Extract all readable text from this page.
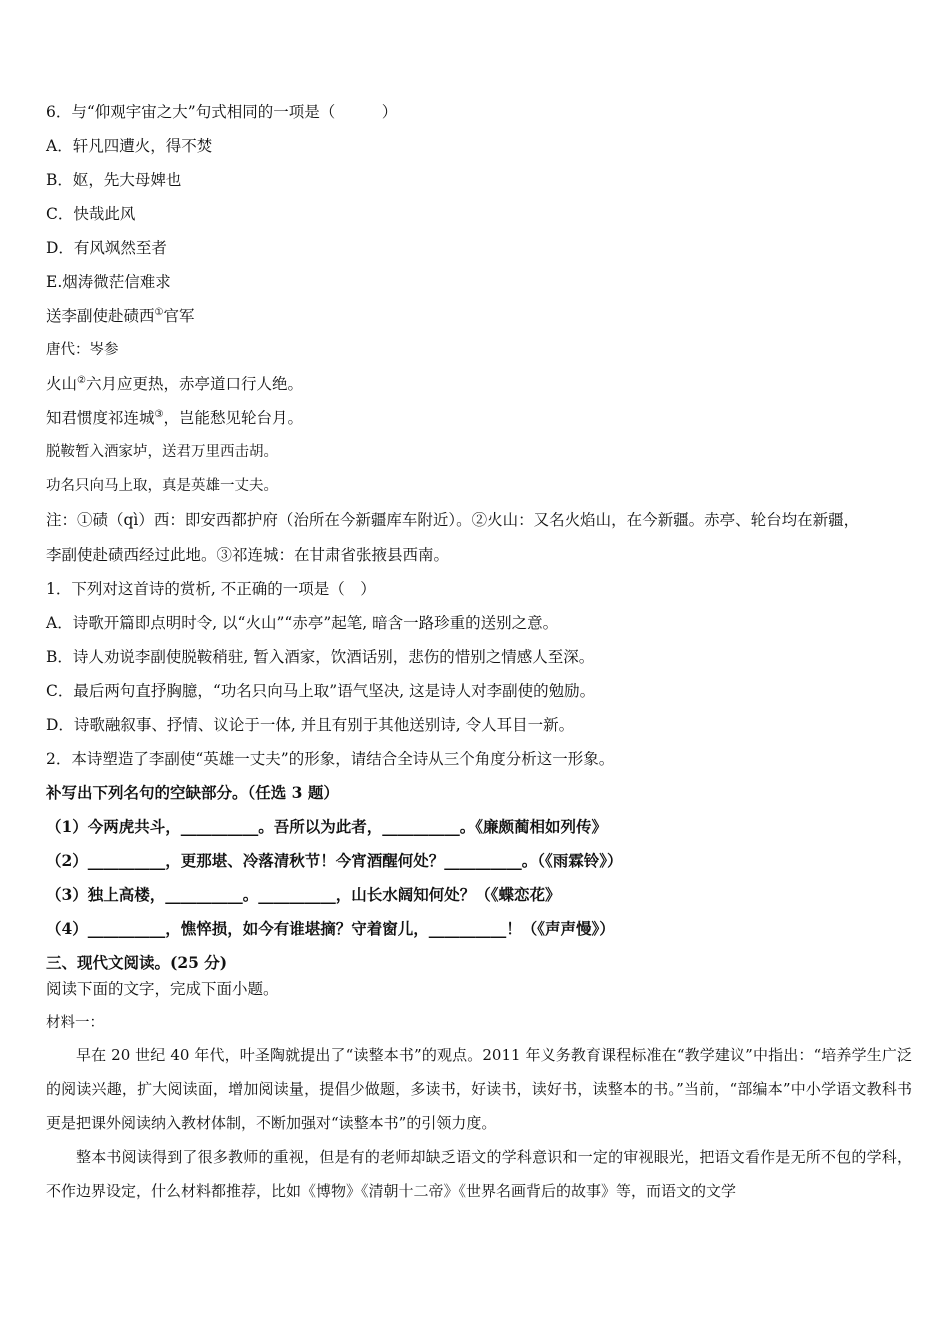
6．与“仰观宇宙之大”句式相同的一项是（　　　）
A．轩凡四遭火，得不焚
B．妪，先大母婢也
C．快哉此风
D．有风飒然至者
E.烟涛微茫信难求
送李副使赴碛西①官军
唐代：岑参
火山②六月应更热，赤亭道口行人绝。
知君惯度祁连城③，岂能愁见轮台月。
脱鞍暂入酒家垆，送君万里西击胡。
功名只向马上取，真是英雄一丈夫。
注：①碛（qì）西：即安西都护府（治所在今新疆库车附近）。②火山：又名火焰山，在今新疆。赤亭、轮台均在新疆，
李副使赴碛西经过此地。③祁连城：在甘肃省张掖县西南。
1．下列对这首诗的赏析, 不正确的一项是（　）
A．诗歌开篇即点明时令, 以“火山”“赤亭”起笔, 暗含一路珍重的送别之意。
B．诗人劝说李副使脱鞍稍驻, 暂入酒家，饮酒话别，悲伤的惜别之情感人至深。
C．最后两句直抒胸臆，“功名只向马上取”语气坚决, 这是诗人对李副使的勉励。
D．诗歌融叙事、抒情、议论于一体, 并且有别于其他送别诗, 令人耳目一新。
2．本诗塑造了李副使“英雄一丈夫”的形象，请结合全诗从三个角度分析这一形象。
补写出下列名句的空缺部分。（任选 3 题）
（1）今两虎共斗，__________。吾所以为此者，__________。《廉颇蔺相如列传》
（2）__________，更那堪、冷落清秋节！今宵酒醒何处？__________。（《雨霖铃》）
（3）独上高楼，__________。__________，山长水阔知何处？（《蝶恋花》
（4）__________，憔悴损，如今有谁堪摘？守着窗儿，__________！（《声声慢》）
三、现代文阅读。(25 分)
阅读下面的文字，完成下面小题。
材料一：

早在 20 世纪 40 年代，叶圣陶就提出了“读整本书”的观点。2011 年义务教育课程标准在“教学建议”中指出：“培养学生广泛的阅读兴趣，扩大阅读面，增加阅读量，提倡少做题，多读书，好读书，读好书，读整本的书。”当前，“部编本”中小学语文教科书更是把课外阅读纳入教材体制，不断加强对“读整本书”的引领力度。

整本书阅读得到了很多教师的重视，但是有的老师却缺乏语文的学科意识和一定的审视眼光，把语文看作是无所不包的学科，不作边界设定，什么材料都推荐，比如《博物》《清朝十二帝》《世界名画背后的故事》等，而语文的文学
